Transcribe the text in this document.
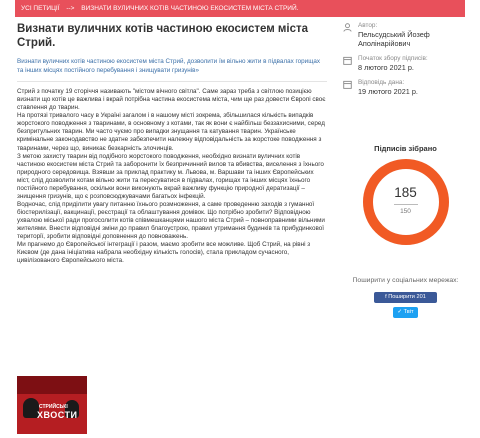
УСІ ПЕТИЦІЇ --> ВИЗНАТИ ВУЛИЧНИХ КОТІВ ЧАСТИНОЮ ЕКОСИСТЕМ МІСТА СТРИЙ.
Визнати вуличних котів частиною екосистем міста Стрий.
Визнати вуличних котів частиною екосистем міста Стрий, дозволити їм вільно жити в підвалах горищах та інших місцях постійного перебування і знищувати гризунів»

Стрий з початку 19 сторіччя називають "містом вічного світла". Саме зараз треба з світлою позицією визнати що котів це важлива і вкрай потрібна частина екосистема міста, чим ще раз довести Європі своє ставлення до тварин.

На протязі тривалого часу в Україні загалом і в нашому місті зокрема, збільшилася кількість випадків жорстокого поводження з тваринами, в основному з котами, так як вони є найбільш беззахисними, серед безпритульних тварин. Ми часто чуємо про випадки знущання та катування тварин. Українське кримінальне законодавство не здатне забезпечити належну відповідальність за жорстоке поводження з тваринами, через що, виникає безкарність злочинців.

З метою захисту тварин від подібного жорстокого поводження, необхідно визнати вуличних котів частиною екосистем міста Стрий та заборонити їх безпричинний вилов та вбивства, виселення з їхнього природного середовища. Взявши за приклад практику м. Львова, м. Варшави та інших Європейських міст, слід дозволити котам вільно жити та пересуватися в підвалах, горищах та інших місцях їхнього постійного перебування, оскільки вони виконують вкрай важливу функцію природної дератизації – знищення гризунів, що є розповсюджувачами багатьох інфекцій.

Водночас, слід приділити увагу питанню їхнього розмноження, а саме проведенню заходів з гуманної біостерилізації, вакцинації, реєстрації та облаштування домівок. Що потрібно зробити? Відповідною ухвалою міської ради прогосолити котів співмешканцями нашого міста Стрий – повноправними вільними жителями. Внести відповідні зміни до правил благоустрою, правил утримання будинків та прибудинкової території, зробити відповідні доповнення до повноважень.

Ми прагнемо до Європейської інтеграції і разом, маємо зробити все можливе. Щоб Стрий, на рівні з Києвом (де дана ініціатива набрала необхідну кількість голосів), стала прикладом сучасного, цивілізованого Європейського міста.

СТРИЙСЬКІ
ХВОСТИ
Автор:
Пельсудський Йозеф Аполінарійович
Початок збору підписів:
8 лютого 2021 р.
Відповідь дана:
19 лютого 2021 р.
Підписів зібрано
185
150
Поширити у соціальних мережах:
f Поширити 201
✓ Твіт
